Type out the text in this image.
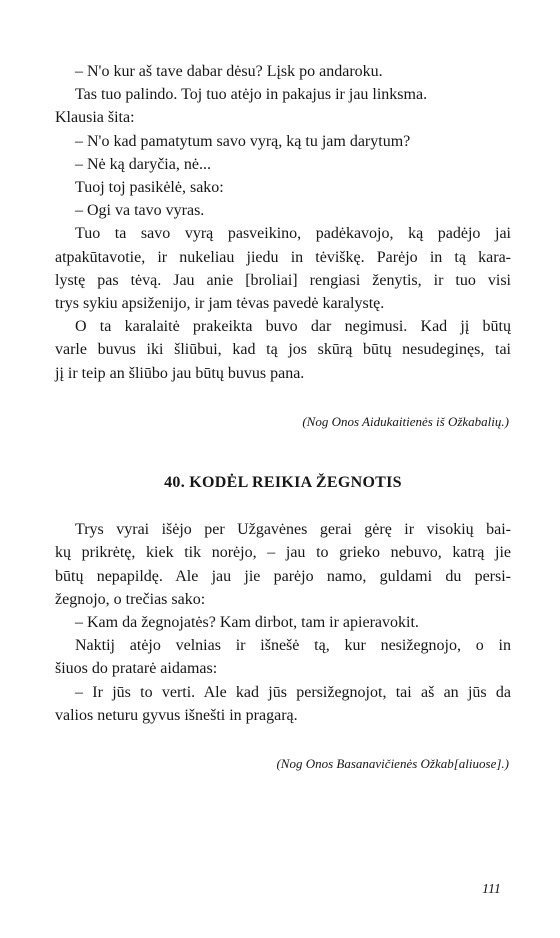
– N'o kur aš tave dabar dėsu? Lįsk po andaroku.

Tas tuo palindo. Toj tuo atėjo in pakajus ir jau linksma.

Klausia šita:

– N'o kad pamatytum savo vyrą, ką tu jam darytum?

– Nė ką daryčia, nė...

Tuoj toj pasikėlė, sako:

– Ogi va tavo vyras.

Tuo ta savo vyrą pasveikino, padėkavojo, ką padėjo jai

atpakūtavotie, ir nukeliau jiedu in tėviškę. Parėjo in tą kara-

lystę pas tėvą. Jau anie [broliai] rengiasi ženytis, ir tuo visi

trys sykiu apsiženijo, ir jam tėvas pavedė karalystę.

O ta karalaitė prakeikta buvo dar negimusi. Kad jį būtų

varle buvus iki šliūbui, kad tą jos skūrą būtų nesudeginęs, tai

jį ir teip an šliūbo jau būtų buvus pana.

(Nog Onos Aidukaitienės iš Ožkabalių.)

40. KODĖL REIKIA ŽEGNOTIS

Trys vyrai išėjo per Užgavėnes gerai gėrę ir visokių bai-

kų prikrėtę, kiek tik norėjo, – jau to grieko nebuvo, katrą jie

būtų nepapildę. Ale jau jie parėjo namo, guldami du persi-

žegnojo, o trečias sako:

– Kam da žegnojatės? Kam dirbot, tam ir apieravokit.

Naktij atėjo velnias ir išnešė tą, kur nesižegnojo, o in

šiuos do pratarė aidamas:

– Ir jūs to verti. Ale kad jūs persižegnojot, tai aš an jūs da

valios neturu gyvus išnešti in pragarą.

(Nog Onos Basanavičienės Ožkab[aliuose].)

111
